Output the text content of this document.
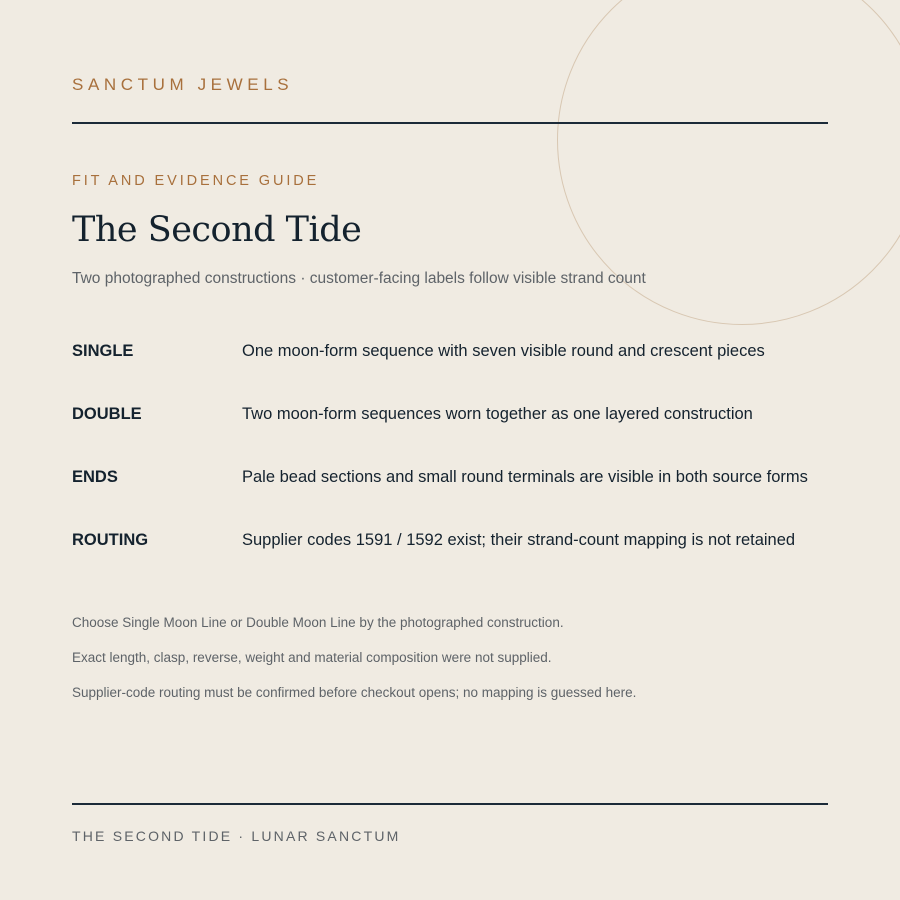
SANCTUM JEWELS
FIT AND EVIDENCE GUIDE
The Second Tide
Two photographed constructions · customer-facing labels follow visible strand count
SINGLE	One moon-form sequence with seven visible round and crescent pieces
DOUBLE	Two moon-form sequences worn together as one layered construction
ENDS	Pale bead sections and small round terminals are visible in both source forms
ROUTING	Supplier codes 1591 / 1592 exist; their strand-count mapping is not retained
Choose Single Moon Line or Double Moon Line by the photographed construction.
Exact length, clasp, reverse, weight and material composition were not supplied.
Supplier-code routing must be confirmed before checkout opens; no mapping is guessed here.
THE SECOND TIDE · LUNAR SANCTUM
